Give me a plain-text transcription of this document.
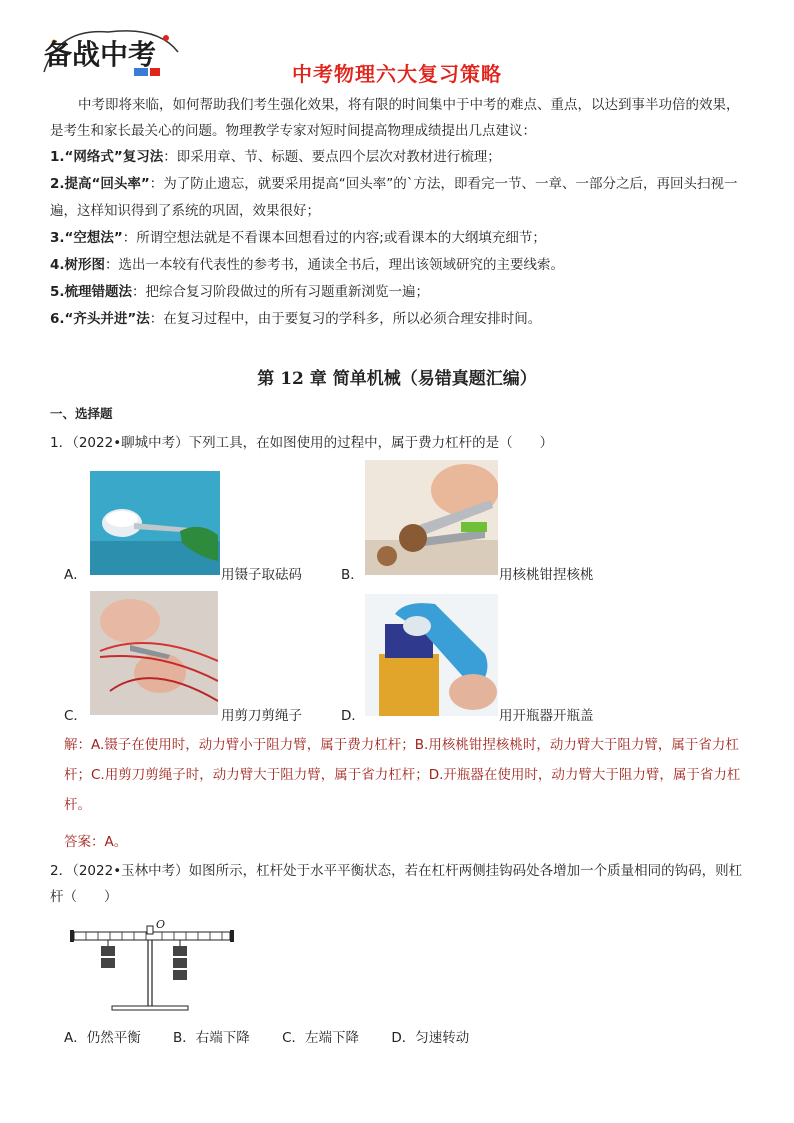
备战中考
中考物理六大复习策略
中考即将来临，如何帮助我们考生强化效果，将有限的时间集中于中考的难点、重点，以达到事半功倍的效果，是考生和家长最关心的问题。物理教学专家对短时间提高物理成绩提出几点建议：

1.“网络式”复习法：即采用章、节、标题、要点四个层次对教材进行梳理；

2.提高“回头率”：为了防止遗忘，就要采用提高“回头率”的`方法，即看完一节、一章、一部分之后，再回头扫视一遍，这样知识得到了系统的巩固，效果很好；

3.“空想法”：所谓空想法就是不看课本回想看过的内容;或看课本的大纲填充细节；

4.树形图：选出一本较有代表性的参考书，通读全书后，理出该领域研究的主要线索。

5.梳理错题法：把综合复习阶段做过的所有习题重新浏览一遍；

6.“齐头并进”法：在复习过程中，由于要复习的学科多，所以必须合理安排时间。

第 12 章 简单机械（易错真题汇编）
一、选择题
1．（2022•聊城中考）下列工具，在如图使用的过程中，属于费力杠杆的是（　　）
A．	用镊子取砝码	B．	用核桃钳捏核桃
C．	用剪刀剪绳子	D．	用开瓶器开瓶盖
解：A.镊子在使用时，动力臂小于阻力臂，属于费力杠杆；B.用核桃钳捏核桃时，动力臂大于阻力臂，属于省力杠杆；C.用剪刀剪绳子时，动力臂大于阻力臂，属于省力杠杆；D.开瓶器在使用时，动力臂大于阻力臂，属于省力杠杆。
答案：A。
2．（2022•玉林中考）如图所示，杠杆处于水平平衡状态，若在杠杆两侧挂钩码处各增加一个质量相同的钩码，则杠杆（　　）
O
A．仍然平衡 B．右端下降 C．左端下降 D．匀速转动
